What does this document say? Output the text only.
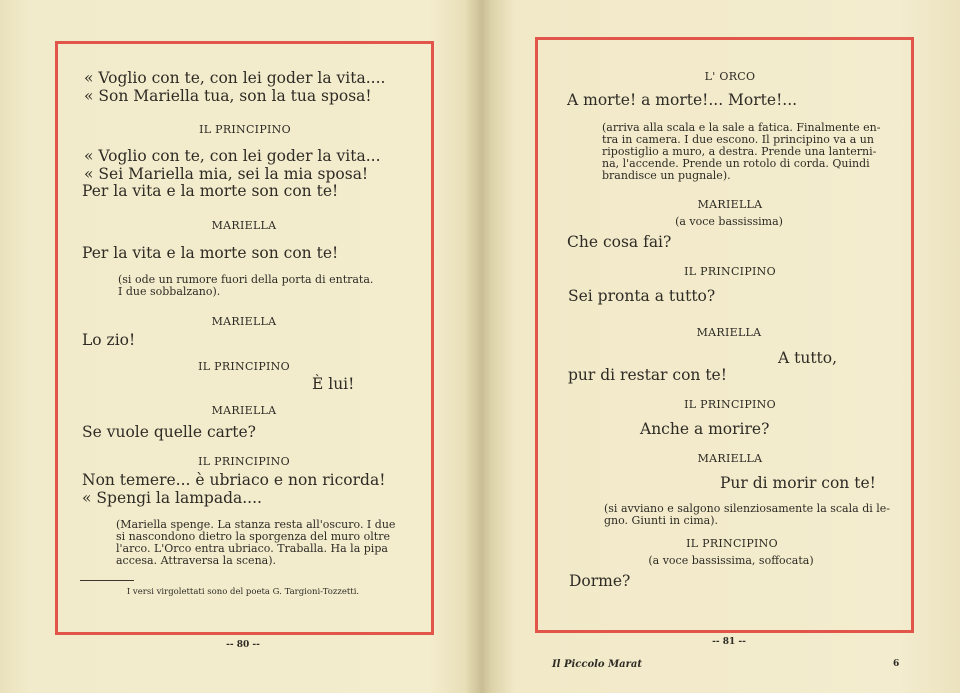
« Voglio con te, con lei goder la vita....
« Son Mariella tua, son la tua sposa!
IL PRINCIPINO
« Voglio con te, con lei goder la vita...
« Sei Mariella mia, sei la mia sposa!
Per la vita e la morte son con te!
MARIELLA
Per la vita e la morte son con te!
(si ode un rumore fuori della porta di entrata.
I due sobbalzano).
MARIELLA
Lo zio!
IL PRINCIPINO
È lui!
MARIELLA
Se vuole quelle carte?
IL PRINCIPINO
Non temere... è ubriaco e non ricorda!
« Spengi la lampada....
(Mariella spenge. La stanza resta all'oscuro. I due
si nascondono dietro la sporgenza del muro oltre
l'arco. L'Orco entra ubriaco. Traballa. Ha la pipa
accesa. Attraversa la scena).
I versi virgolettati sono del poeta G. Targioni-Tozzetti.
-- 80 --
L' ORCO
A morte! a morte!... Morte!...
(arriva alla scala e la sale a fatica. Finalmente en-
tra in camera. I due escono. Il principino va a un
ripostiglio a muro, a destra. Prende una lanterni-
na, l'accende. Prende un rotolo di corda. Quindi
brandisce un pugnale).
MARIELLA
(a voce bassissima)
Che cosa fai?
IL PRINCIPINO
Sei pronta a tutto?
MARIELLA
A tutto,
pur di restar con te!
IL PRINCIPINO
Anche a morire?
MARIELLA
Pur di morir con te!
(si avviano e salgono silenziosamente la scala di le-
gno. Giunti in cima).
IL PRINCIPINO
(a voce bassissima, soffocata)
Dorme?
-- 81 --
Il Piccolo Marat	6
